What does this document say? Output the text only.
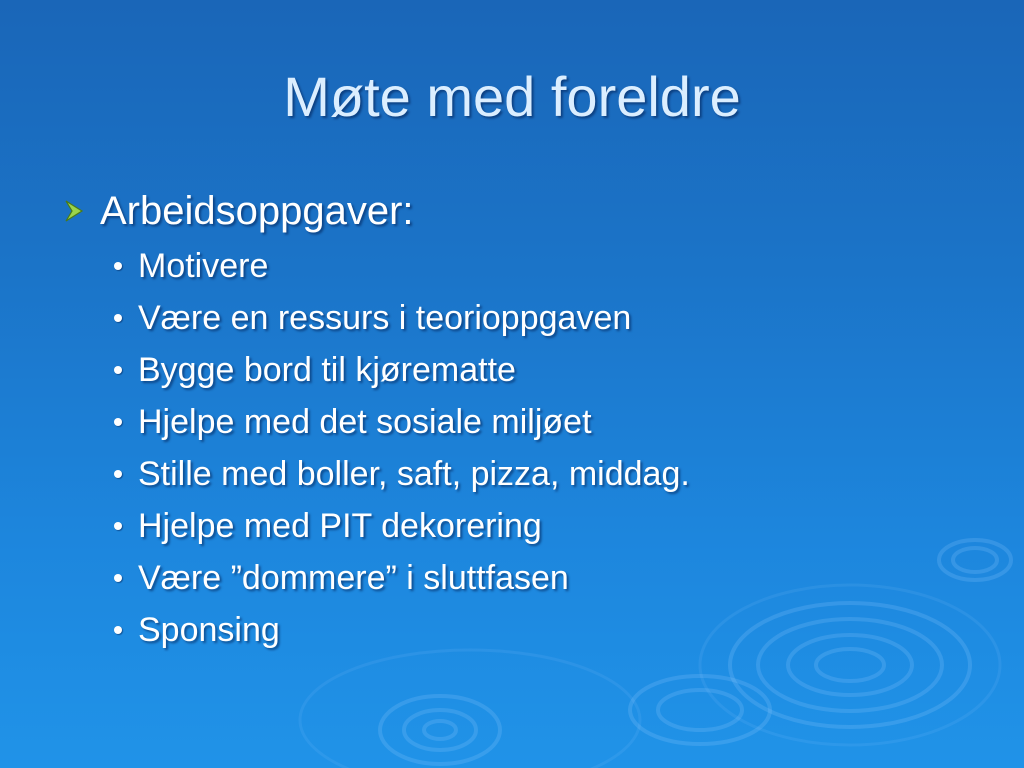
Møte med foreldre
Arbeidsoppgaver:
Motivere
Være en ressurs i teorioppgaven
Bygge bord til kjørematte
Hjelpe med det sosiale miljøet
Stille med boller, saft, pizza, middag.
Hjelpe med PIT dekorering
Være ”dommere” i sluttfasen
Sponsing
